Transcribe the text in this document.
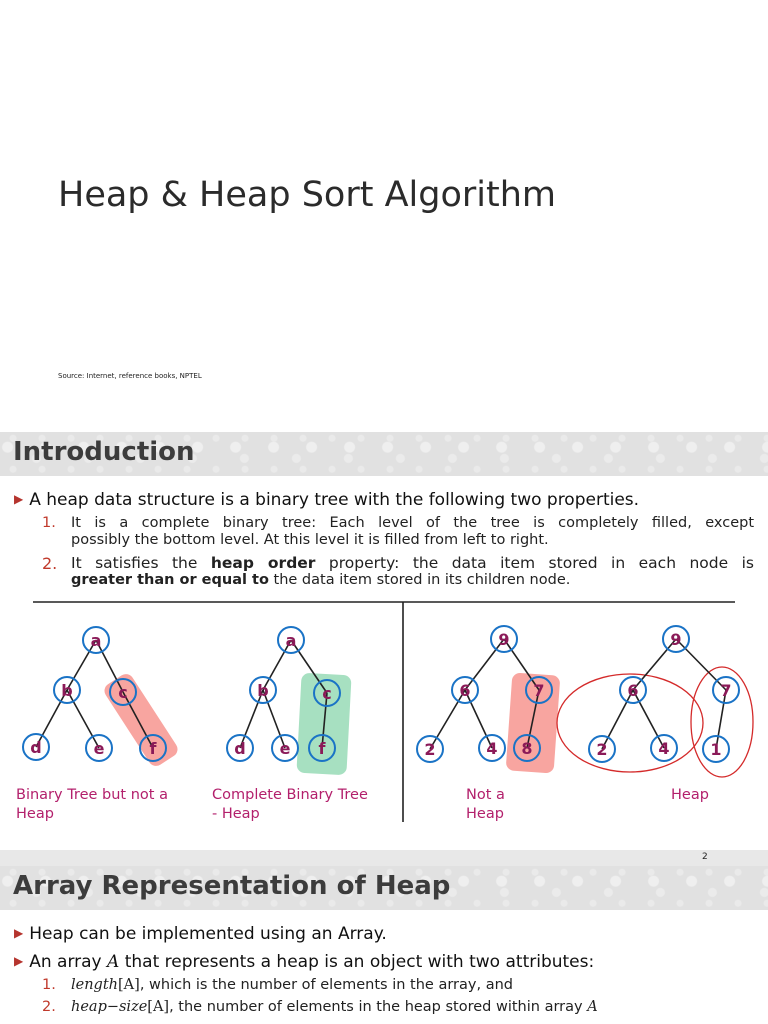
Heap & Heap Sort Algorithm
Source: Internet, reference books, NPTEL
Introduction
▶ A heap data structure is a binary tree with the following two properties.
1. It is a complete binary tree: Each level of the tree is completely filled, except
possibly the bottom level. At this level it is filled from left to right.
2. It satisfies the heap order property: the data item stored in each node is
greater than or equal to the data item stored in its children node.
a
b	c
d	e	f
a
b	c
d e f
9
6	7
2	4 8
9
6	7
2	4	1
Binary Tree but not a
Heap
Complete Binary Tree
- Heap
Not a
Heap
Heap
2
Array Representation of Heap
▶ Heap can be implemented using an Array.
▶ An array A that represents a heap is an object with two attributes:
1. length[A], which is the number of elements in the array, and
2. heap−size[A], the number of elements in the heap stored within array A
